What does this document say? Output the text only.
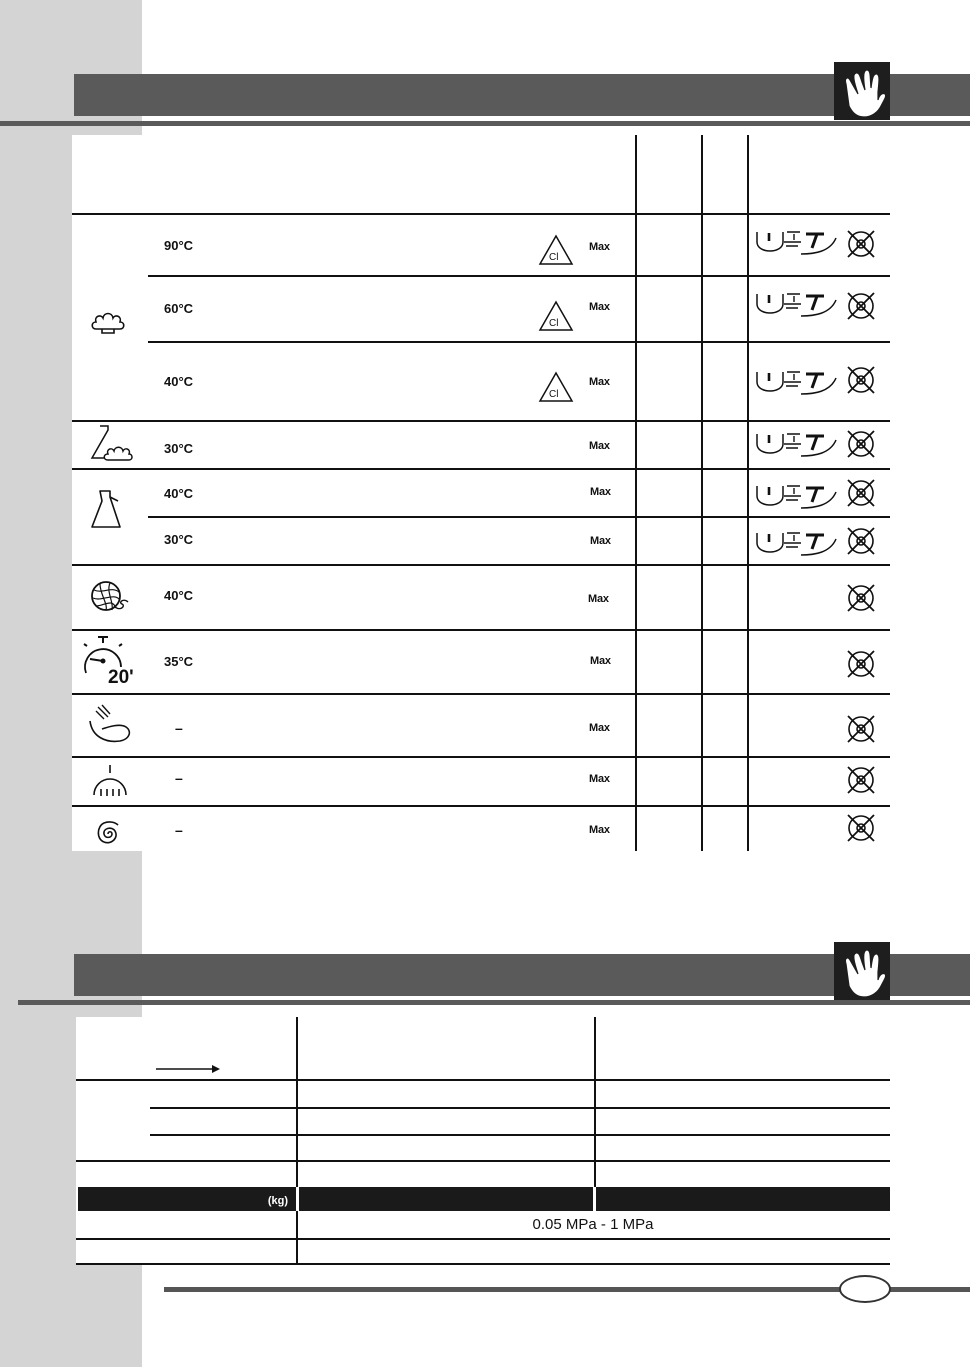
20'
Cl
Cl
Cl
90°C
60°C
40°C
30°C
40°C
30°C
40°C
35°C
–
–
–
Max
Max
Max
Max
Max
Max
Max
Max
Max
Max
Max
(kg)
0.05 MPa - 1 MPa
